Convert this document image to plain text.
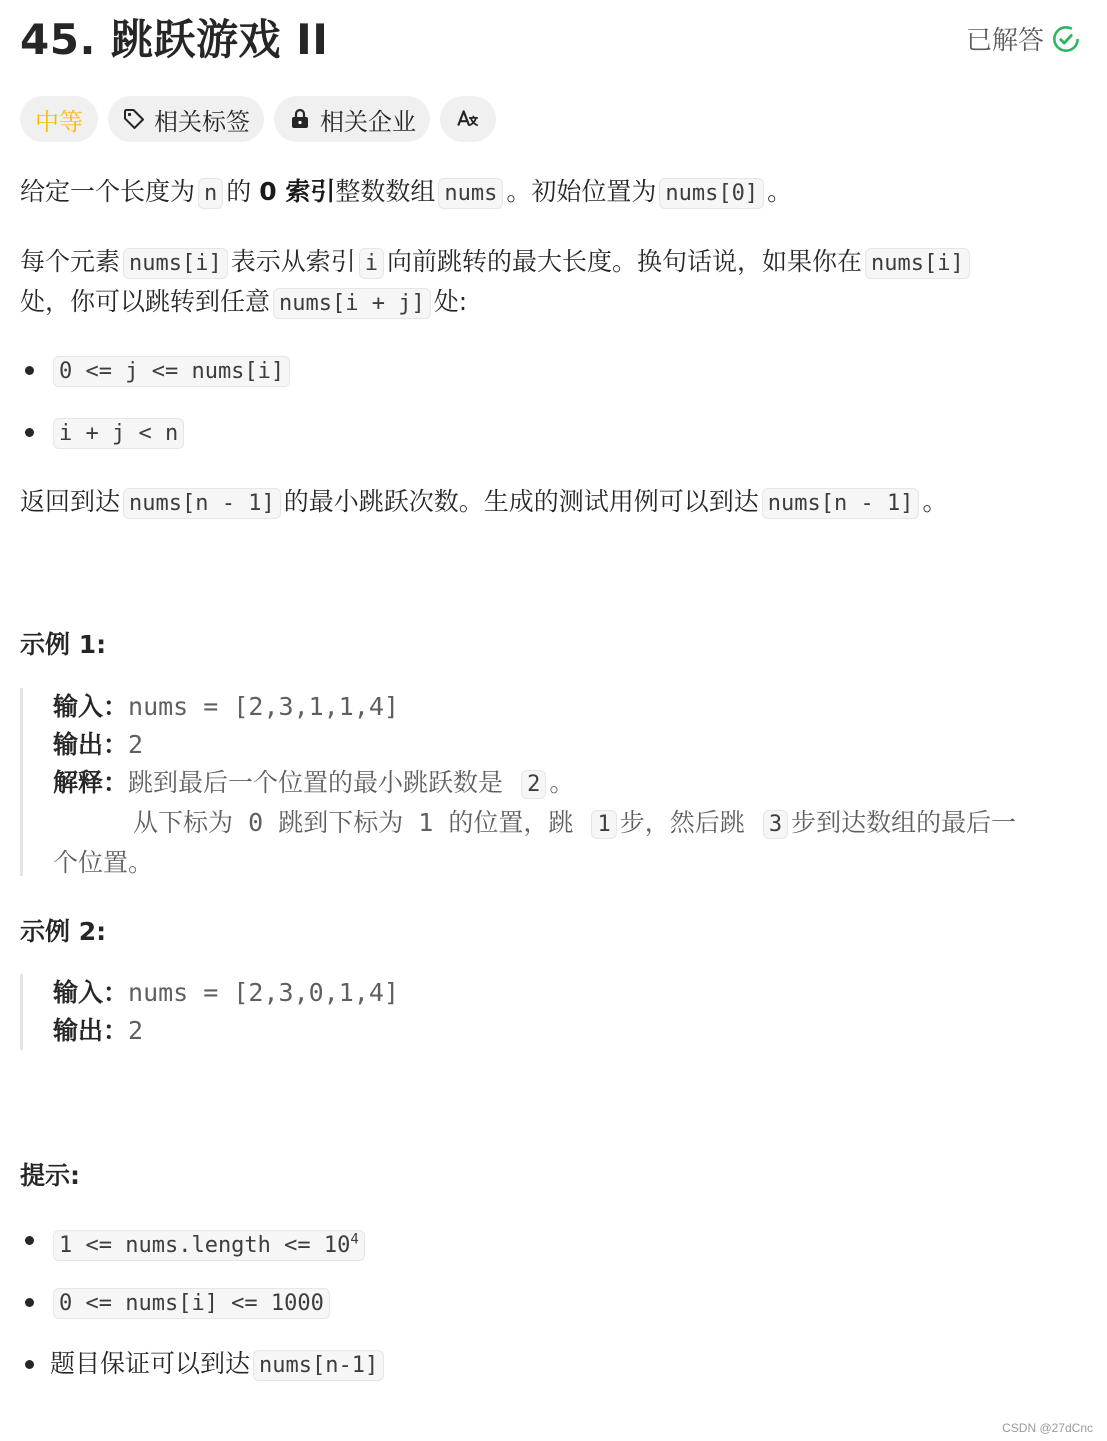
45. 跳跃游戏 II	已解答
中等	相关标签	相关企业
给定一个长度为 n 的 0 索引整数数组 nums 。初始位置为 nums[0] 。
每个元素 nums[i] 表示从索引 i 向前跳转的最大长度。换句话说，如果你在 nums[i]
处，你可以跳转到任意 nums[i + j] 处:
0 <= j <= nums[i]
i + j < n
返回到达 nums[n - 1] 的最小跳跃次数。生成的测试用例可以到达 nums[n - 1] 。
示例 1:
输入：nums = [2,3,1,1,4]
输出：2
解释：跳到最后一个位置的最小跳跃数是 2 。
从下标为 0 跳到下标为 1 的位置，跳 1 步，然后跳 3 步到达数组的最后一
个位置。
示例 2:
输入：nums = [2,3,0,1,4]
输出：2
提示:
1 <= nums.length <= $10^4$
0 <= nums[i] <= 1000
题目保证可以到达 nums[n-1]
CSDN @27dCnc
